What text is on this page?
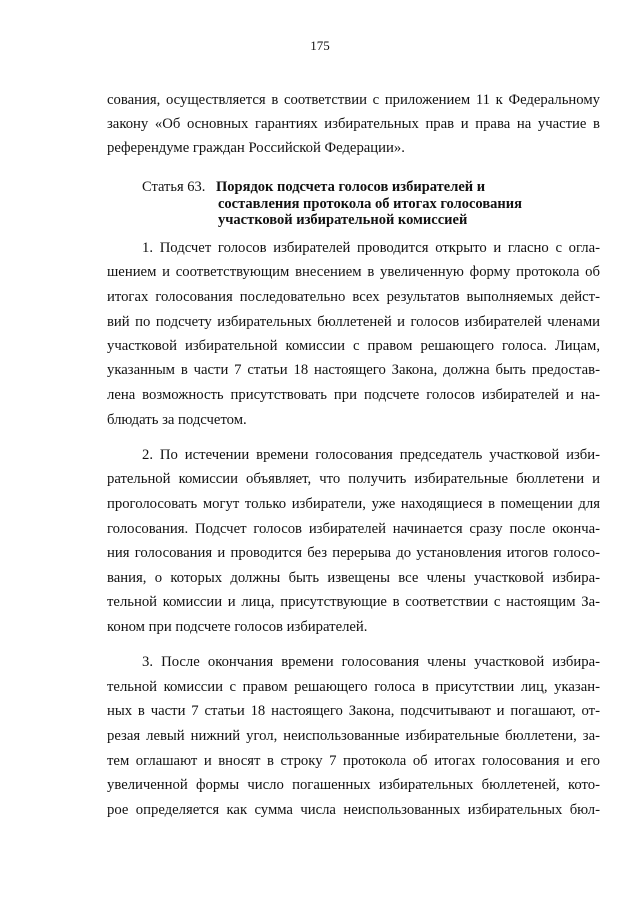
175
сования, осуществляется в соответствии с приложением 11 к Федеральному
закону «Об основных гарантиях избирательных прав и права на участие в
референдуме граждан Российской Федерации».
Статья 63. Порядок подсчета голосов избирателей и
составления протокола об итогах голосования
участковой избирательной комиссией
1. Подсчет голосов избирателей проводится открыто и гласно с огла-
шением и соответствующим внесением в увеличенную форму протокола об
итогах голосования последовательно всех результатов выполняемых дейст-
вий по подсчету избирательных бюллетеней и голосов избирателей членами
участковой избирательной комиссии с правом решающего голоса. Лицам,
указанным в части 7 статьи 18 настоящего Закона, должна быть предостав-
лена возможность присутствовать при подсчете голосов избирателей и на-
блюдать за подсчетом.
2. По истечении времени голосования председатель участковой изби-
рательной комиссии объявляет, что получить избирательные бюллетени и
проголосовать могут только избиратели, уже находящиеся в помещении для
голосования. Подсчет голосов избирателей начинается сразу после оконча-
ния голосования и проводится без перерыва до установления итогов голосо-
вания, о которых должны быть извещены все члены участковой избира-
тельной комиссии и лица, присутствующие в соответствии с настоящим За-
коном при подсчете голосов избирателей.
3. После окончания времени голосования члены участковой избира-
тельной комиссии с правом решающего голоса в присутствии лиц, указан-
ных в части 7 статьи 18 настоящего Закона, подсчитывают и погашают, от-
резая левый нижний угол, неиспользованные избирательные бюллетени, за-
тем оглашают и вносят в строку 7 протокола об итогах голосования и его
увеличенной формы число погашенных избирательных бюллетеней, кото-
рое определяется как сумма числа неиспользованных избирательных бюл-
